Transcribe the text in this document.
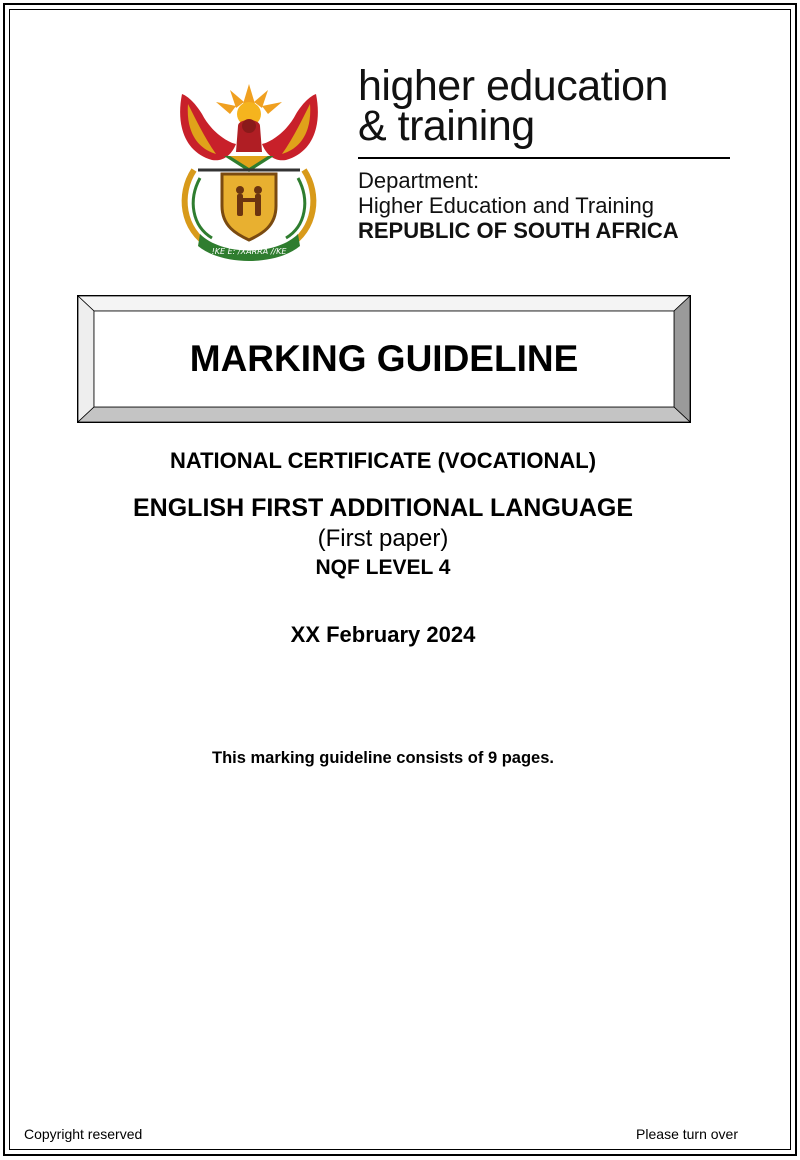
!KE E: /XARRA //KE
higher education
& training
Department:
Higher Education and Training
REPUBLIC OF SOUTH AFRICA
MARKING GUIDELINE
NATIONAL CERTIFICATE (VOCATIONAL)
ENGLISH FIRST ADDITIONAL LANGUAGE
(First paper)
NQF LEVEL 4
XX February 2024
This marking guideline consists of 9 pages.
Copyright reserved	Please turn over
